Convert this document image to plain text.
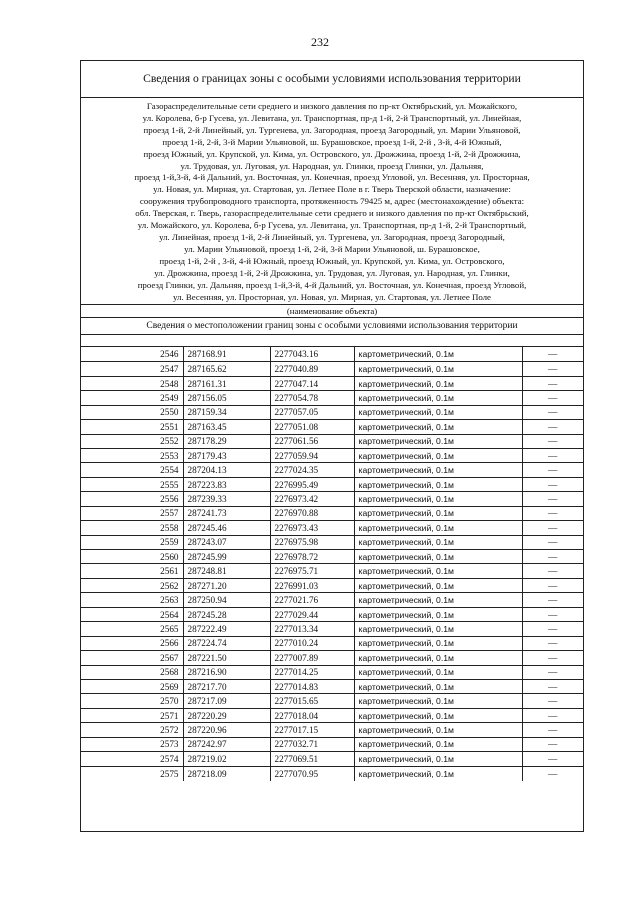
232
Сведения о границах зоны с особыми условиями использования территории
Газораспределительные сети среднего и низкого давления по пр-кт Октябрьский, ул. Можайского,
ул. Королева, б-р Гусева, ул. Левитана, ул. Транспортная, пр-д 1-й, 2-й Транспортный, ул. Линейная,
проезд 1-й, 2-й Линейный, ул. Тургенева, ул. Загородная, проезд Загородный, ул. Марии Ульяновой,
проезд 1-й, 2-й, 3-й Марии Ульяновой, ш. Бурашовское, проезд 1-й, 2-й , 3-й, 4-й Южный,
проезд Южный, ул. Крупской, ул. Кима, ул. Островского, ул. Дрожжина, проезд 1-й, 2-й Дрожжина,
ул. Трудовая, ул. Луговая, ул. Народная, ул. Глинки, проезд Глинки, ул. Дальняя,
проезд 1-й,3-й, 4-й Дальний, ул. Восточная, ул. Конечная, проезд Угловой, ул. Весенняя, ул. Просторная,
ул. Новая, ул. Мирная, ул. Стартовая, ул. Летнее Поле в г. Тверь Тверской области, назначение:
сооружения трубопроводного транспорта, протяженность 79425 м, адрес (местонахождение) объекта:
обл. Тверская, г. Тверь, газораспределительные сети среднего и низкого давления по пр-кт Октябрьский,
ул. Можайского, ул. Королева, б-р Гусева, ул. Левитана, ул. Транспортная, пр-д 1-й, 2-й Транспортный,
ул. Линейная, проезд 1-й, 2-й Линейный, ул. Тургенева, ул. Загородная, проезд Загородный,
ул. Марии Ульяновой, проезд 1-й, 2-й, 3-й Марии Ульяновой, ш. Бурашовское,
проезд 1-й, 2-й , 3-й, 4-й Южный, проезд Южный, ул. Крупской, ул. Кима, ул. Островского,
ул. Дрожжина, проезд 1-й, 2-й Дрожжина, ул. Трудовая, ул. Луговая, ул. Народная, ул. Глинки,
проезд Глинки, ул. Дальняя, проезд 1-й,3-й, 4-й Дальний, ул. Восточная, ул. Конечная, проезд Угловой,
ул. Весенняя, ул. Просторная, ул. Новая, ул. Мирная, ул. Стартовая, ул. Летнее Поле
(наименование объекта)
Сведения о местоположении границ зоны с особыми условиями использования территории
2546	287168.91	2277043.16	картометрический, 0.1м	—
2547	287165.62	2277040.89	картометрический, 0.1м	—
2548	287161.31	2277047.14	картометрический, 0.1м	—
2549	287156.05	2277054.78	картометрический, 0.1м	—
2550	287159.34	2277057.05	картометрический, 0.1м	—
2551	287163.45	2277051.08	картометрический, 0.1м	—
2552	287178.29	2277061.56	картометрический, 0.1м	—
2553	287179.43	2277059.94	картометрический, 0.1м	—
2554	287204.13	2277024.35	картометрический, 0.1м	—
2555	287223.83	2276995.49	картометрический, 0.1м	—
2556	287239.33	2276973.42	картометрический, 0.1м	—
2557	287241.73	2276970.88	картометрический, 0.1м	—
2558	287245.46	2276973.43	картометрический, 0.1м	—
2559	287243.07	2276975.98	картометрический, 0.1м	—
2560	287245.99	2276978.72	картометрический, 0.1м	—
2561	287248.81	2276975.71	картометрический, 0.1м	—
2562	287271.20	2276991.03	картометрический, 0.1м	—
2563	287250.94	2277021.76	картометрический, 0.1м	—
2564	287245.28	2277029.44	картометрический, 0.1м	—
2565	287222.49	2277013.34	картометрический, 0.1м	—
2566	287224.74	2277010.24	картометрический, 0.1м	—
2567	287221.50	2277007.89	картометрический, 0.1м	—
2568	287216.90	2277014.25	картометрический, 0.1м	—
2569	287217.70	2277014.83	картометрический, 0.1м	—
2570	287217.09	2277015.65	картометрический, 0.1м	—
2571	287220.29	2277018.04	картометрический, 0.1м	—
2572	287220.96	2277017.15	картометрический, 0.1м	—
2573	287242.97	2277032.71	картометрический, 0.1м	—
2574	287219.02	2277069.51	картометрический, 0.1м	—
2575	287218.09	2277070.95	картометрический, 0.1м	—
